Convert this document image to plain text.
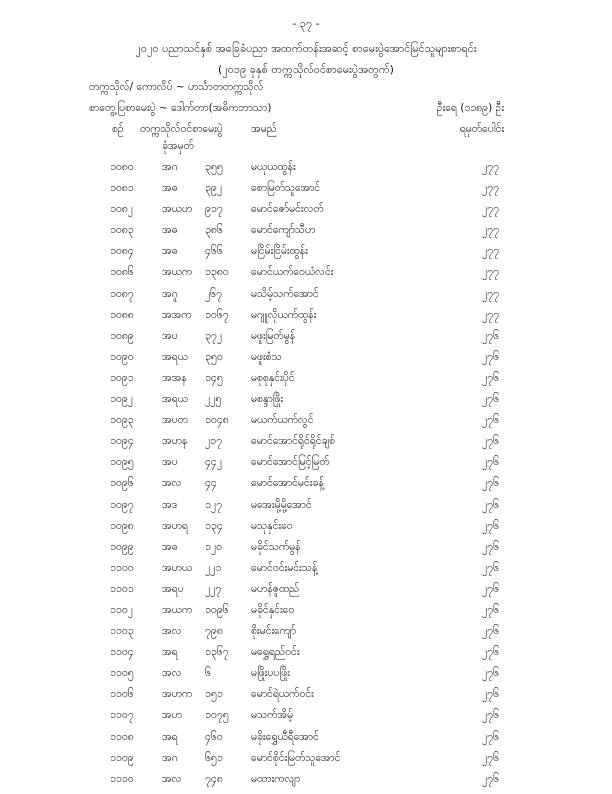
- ၃၇ -
၂၀၂၀ ပညာသင်နှစ် အခြေခံပညာ အထက်တန်းအဆင့် စာမေးပွဲအောင်မြင်သူများစာရင်း
(၂၀၁၉ ခုနှစ် တက္ကသိုလ်ဝင်စာမေးပွဲအတွက်)
တက္ကသိုလ်/ ကောလိပ် ~ ဟင်္သာတတက္ကသိုလ်
စာတွေ့ပြစာမေးပွဲ ~ ဒေါက်တာ(အဓိကဘာသာ)	ဦးရေ (၁၁၈၉) ဦး
စဉ် တက္ကသိုလ်ဝင်စာမေးပွဲ	အမည်	ရမှတ်ပေါင်း
ခုံအမှတ်
၁၀၈၀	အဂ	၃၅၅	မယုယထွန်း	၂၇၇
၁၀၈၁	အဓ	၃၉၂	စောမြတ်သူအောင်	၂၇၇
၁၀၈၂	အယဟ ၉၁၇	မောင်ဇော်မင်းလတ်	၂၇၇
၁၀၈၃	အဓ	၃၈၆	မောင်ကျော်သီဟ	၂၇၇
၁၀၈၄	အဓ	၄၆၆	မငြိမ်းငြိမ်းထွန်း	၂၇၇
၁၀၈၆	အယက ၁၃၈၀ မောင်ယက်ဝေယံလင်း	၂၇၇
၁၀၈၇	အဂူ	၂၆၇	မသိမ့်သက်အောင်	၂၇၇
၁၀၈၈	အအက ၁၀၆၇ မဂျူလိုယက်ထွန်း	၂၇၇
၁၀၈၉	အပ	၃၇၂	မဖူးမြတ်မွန်	၂၇၆
၁၀၉၀	အရယ ၃၅၀	မဖူးစံသ	၂၇၆
၁၀၉၁	အအန ၁၄၅	မစုစုနှင်းပိုင်	၂၇၆
၁၀၉၂	အရယ ၂၂၅	မစန္ဒာဖြိုး	၂၇၆
၁၀၉၃	အပတ ၁၀၄၈ မယက်ယက်လွင်	၂၇၆
၁၀၉၄	အဟန ၂၁၇	မောင်အောင်ရိုင်ရိုင်ချစ်	၂၇၆
၁၀၉၅	အပ	၄၄၂	မောင်အောင်မြင့်မြတ်	၂၇၆
၁၀၉၆	အလ ၄၄	မောင်အောင်မင်းခန့်	၂၇၆
၁၀၉၇	အဒ	၁၂၇	မအေးမို့မို့အောင်	၂၇၆
၁၀၉၈	အဟရ ၁၃၄	မသုနှင်းဝေ	၂၇၆
၁၀၉၉	အဓ	၁၂၀	မခိုင်သက်မွန်	၂၇၆
၁၁၀၀	အဟယ ၂၂၁	မောင်ဝင်းမင်းသန့်	၂၇၆
၁၁၀၁	အရပ ၂၂၇	မဟန်ဇူထည်	၂၇၆
၁၁၀၂	အယက ၁၀၉၆ မခိုင်နှင်းဝေ	၂၇၆
၁၁၀၃	အလ ၇၉၈	စိုးမင်းကျော်	၂၇၆
၁၁၀၄	အရ	၁၃၆၇ မရွှေရည်ဝင်း	၂၇၆
၁၁၀၅	အလ ၆	မဖြိုးပပဖြိုး	၂၇၆
၁၁၀၆	အဟက ၁၅၁	မောင်ရဲယက်ဝင်း	၂၇၆
၁၁၀၇	အဟ ၁၀၇၅ မသက်အိမ့်	၂၇၆
၁၁၀၈	အရ	၄၆၀	မခိုးရွှေယီရီအောင်	၂၇၆
၁၁၀၉	အဂ	၆၅၁	မောင်စိုင်းမြတ်သူအောင်	၂၇၆
၁၁၁၀	အလ ၇၄၈	မထားကလျာ	၂၇၆
